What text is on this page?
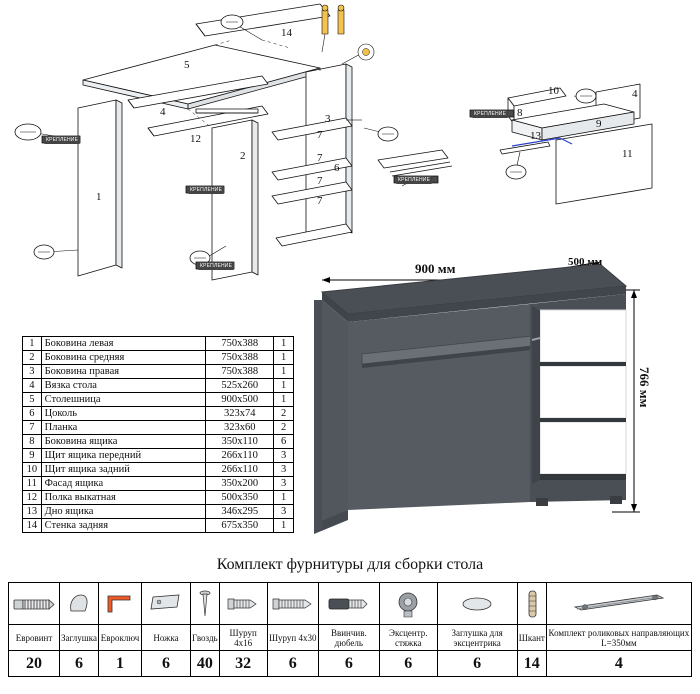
14
5
4
12
2
1
3
7
7
7
7
6
10
8
9
13
11
4
КРЕПЛЕНИЕ
КРЕПЛЕНИЕ
КРЕПЛЕНИЕ
КРЕПЛЕНИЕ
КРЕПЛЕНИЕ
1	Боковина левая	750x388	1
2	Боковина средняя	750x388	1
3	Боковина правая	750x388	1
4	Вязка стола	525x260	1
5	Столешница	900x500	1
6	Цоколь	323x74	2
7	Планка	323x60	2
8	Боковина ящика	350x110	6
9	Щит ящика передний	266x110	3
10	Щит ящика задний	266x110	3
11	Фасад ящика	350x200	3
12	Полка выкатная	500x350	1
13	Дно ящика	346x295	3
14	Стенка задняя	675x350	1
900 мм	500 мм
766 мм
Комплект фурнитуры для сборки стола

Евровинт	Заглушка	Евроключ	Ножка	Гвоздь	Шуруп 4х16	Шуруп 4х30	Ввинчив. дюбель	Эксцентр. стяжка	Заглушка для эксцентрика	Шкант	Комплект роликовых направляющих L=350мм
20	6	1	6	40	32	6	6	6	6	14	4
